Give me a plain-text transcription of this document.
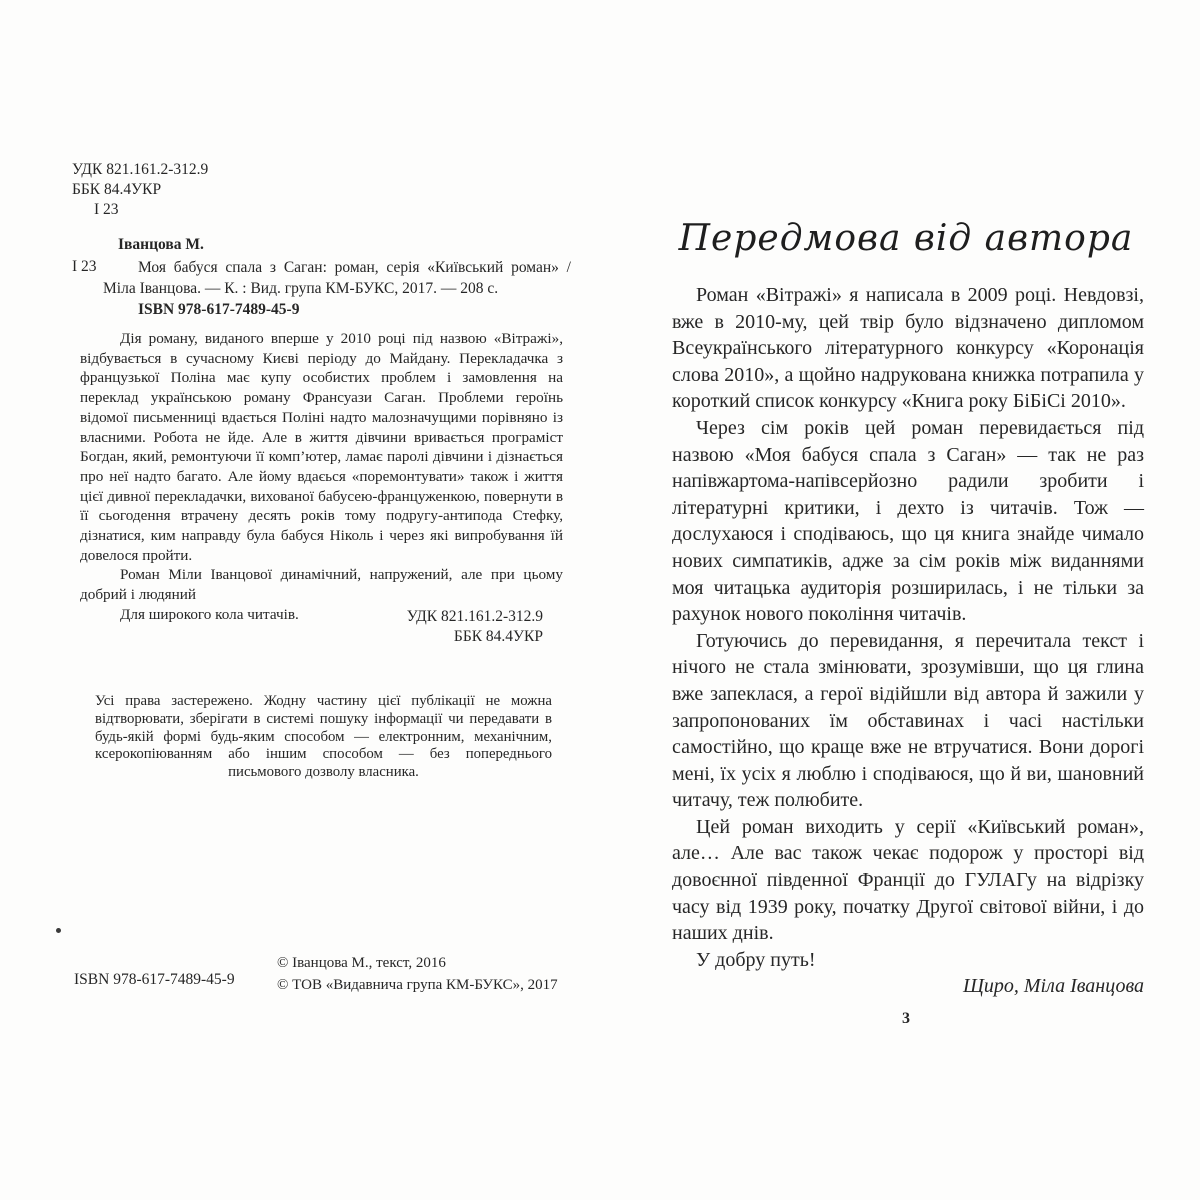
УДК 821.161.2-312.9
ББК 84.4УКР
І 23
Іванцова М.
І 23	Моя бабуся спала з Саган: роман, серія «Київський роман» / Міла Іванцова. — К. : Вид. група КМ-БУКС, 2017. — 208 с.
ISBN 978-617-7489-45-9

Дія роману, виданого вперше у 2010 році під назвою «Вітражі», відбувається в сучасному Києві періоду до Майдану. Перекладачка з французької Поліна має купу особистих проблем і замовлення на переклад українською роману Франсуази Саган. Проблеми героїнь відомої письменниці вдається Поліні надто малозначущими порівняно із власними. Робота не йде. Але в життя дівчини вривається програміст Богдан, який, ремонтуючи її комп’ютер, ламає паролі дівчини і дізнається про неї надто багато. Але йому вдаєься «поремонтувати» також і життя цієї дивної перекладачки, вихованої бабусею-француженкою, повернути в її сьогодення втрачену десять років тому подругу-антипода Стефку, дізнатися, ким направду була бабуся Ніколь і через які випробування їй довелося пройти.

Роман Міли Іванцової динамічний, напружений, але при цьому добрий і людяний

Для широкого кола читачів.	УДК 821.161.2-312.9
ББК 84.4УКР
Усі права застережено. Жодну частину цієї публікації не можна відтворювати, зберігати в системі пошуку інформації чи передавати в будь-якій формі будь-яким способом — електронним, механічним, ксерокопіюванням або іншим способом — без попереднього письмового дозволу власника.
ISBN 978-617-7489-45-9
© Іванцова М., текст, 2016
© ТОВ «Видавнича група КМ-БУКС», 2017
Передмова від автора

Роман «Вітражі» я написала в 2009 році. Невдовзі, вже в 2010-му, цей твір було відзначено дипломом Всеукраїнського літературного конкурсу «Коронація слова 2010», а щойно надрукована книжка потрапила у короткий список конкурсу «Книга року БіБіСі 2010».

Через сім років цей роман перевидається під назвою «Моя бабуся спала з Саган» — так не раз напівжартома-напівсерйозно радили зробити і літературні критики, і дехто із читачів. Тож — дослухаюся і сподіваюсь, що ця книга знайде чимало нових симпатиків, адже за сім років між виданнями моя читацька аудиторія розширилась, і не тільки за рахунок нового покоління читачів.

Готуючись до перевидання, я перечитала текст і нічого не стала змінювати, зрозумівши, що ця глина вже запеклася, а герої відійшли від автора й зажили у запропонованих їм обставинах і часі настільки самостійно, що краще вже не втручатися. Вони дорогі мені, їх усіх я люблю і сподіваюся, що й ви, шановний читачу, теж полюбите.

Цей роман виходить у серії «Київський роман», але… Але вас також чекає подорож у просторі від довоєнної південної Франції до ГУЛАГу на відрізку часу від 1939 року, початку Другої світової війни, і до наших днів.

У добру путь!

Щиро, Міла Іванцова

3
